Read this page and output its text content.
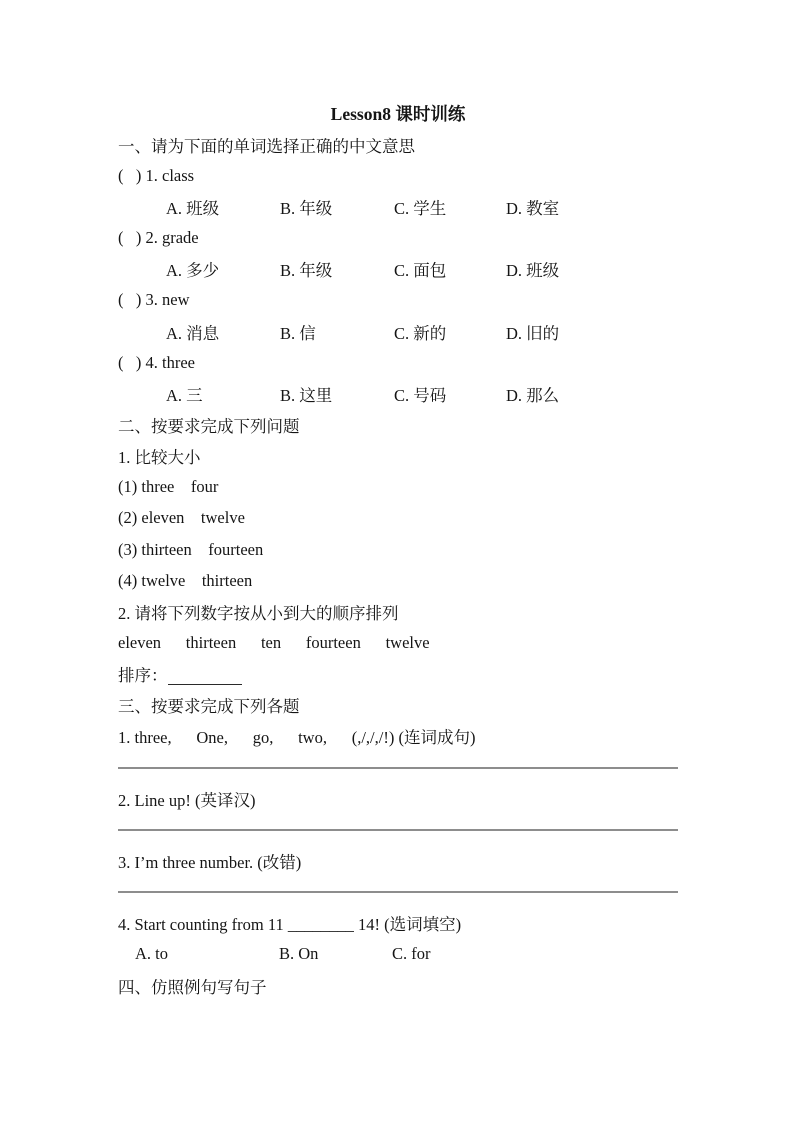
Lesson8 课时训练
一、请为下面的单词选择正确的中文意思
(   ) 1. class
A. 班级	B. 年级	C. 学生	D. 教室
(   ) 2. grade
A. 多少	B. 年级	C. 面包	D. 班级
(   ) 3. new
A. 消息	B. 信	C. 新的	D. 旧的
(   ) 4. three
A. 三	B. 这里	C. 号码	D. 那么
二、按要求完成下列问题
1. 比较大小
(1) three    four
(2) eleven    twelve
(3) thirteen    fourteen
(4) twelve    thirteen
2. 请将下列数字按从小到大的顺序排列
eleven      thirteen      ten      fourteen      twelve
排序：
三、按要求完成下列各题
1. three,      One,      go,      two,      (,/,/,/!) (连词成句)
2. Line up! (英译汉)
3. I’m three number. (改错)
4. Start counting from 11 ________ 14! (选词填空)
A. to	B. On	C. for
四、仿照例句写句子
